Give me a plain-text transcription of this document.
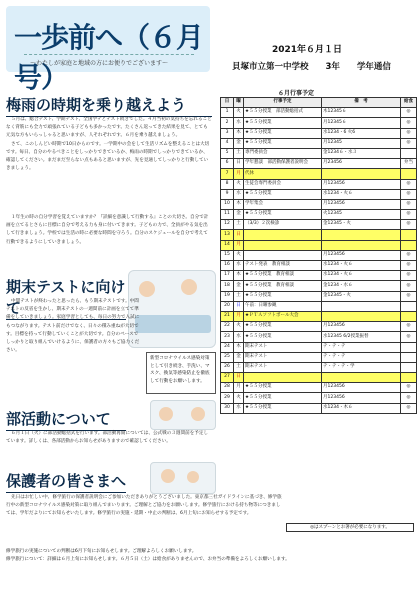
一歩前へ（６月号）
～わたしが家庭と地域の方にお便りでございます～
2021年６月１日
貝塚市立第一中学校 3年 学年通信
梅雨の時期を乗り越えよう

５月は、総合テスト、学期テスト、全国学テとテスト続きでした。４月当初の気持ちを忘れることなく背筋にも全力で頑張れている子どもも多かったです。たくさん返ってきた結果を見て、とても元気な方もいらっしゃると思いますが、人それぞれです。６月を乗り越えましょう。

さて、このしんどい時期で10日からのです。一学期中の会をして生活リズムを整えることは大切です。毎日、自分のやるべきことをしっかりできているか、梅雨の時期でしっかりできているか、確認してください。まだまだ至らない点もあると思いますが、先を見通してしっかりと行動していきましょう。

１年生の時の自分学習を覚えていますか？『詳細を意識して行動する』ことの大切さ。自分で計画を立てるとさらに目標に自分で考える力も身に付いてきます。子どもの力で、全員がやる気を出して行きましょう。学校では生活の時に必要な時間を守ろう。自分のスケジュールを自分で考えて行動できるようにしていきましょう。

期末テストに向けて

中間テストが終わったと思ったら、もう期末テストです。中間テストの反省を生かし、期末テストの一週間前に計画を立てて準備をしていきましょう。家庭学習としても、毎日の努力で入試にもつながります。テスト前だけでなく、日々の積み重ねが大切です。目標を持って行動していくことが大切です。自分のペースでしっかりと取り組んでいけるように、保護者の方々もご協力ください。

新型コロナウイルス感染対策として引き続き、手洗い、マスク、換気等感染防止を徹底して行動をお願いします。
部活動について

６月１日（火）に部活動総括式を行います。部活動再開については、公式戦の３週間前を予定しています。詳しくは、各部活動からお知らせがありますので確認してください。

保護者の皆さまへ

先日はお忙しい中、修学旅行の保護者説明会にご参加いただきありがとうございました。東京都三社ガイドラインに基づき、修学旅行中の新型コロナウイルス感染対策に取り組んでまいります。ご理解とご協力をお願いします。修学旅行における持ち物等につきましては、学年だよりにてお知らせいたします。修学旅行の実施・延期・中止の判断は、6月上旬にお知らせする予定です。

修学旅行の実施についての判断は6月下旬にお知らせします。ご理解よろしくお願いします。

修学旅行について：詳細は６月上旬にお知らせします。６月５日（土）は給食がありませんので、お弁当の準備をよろしくお願いします。

６月行事予定
日	曜	行事予定	備　考	給食
1	火	★５５分授業　部活動総括式	木12345６	◎
2	水	★５５分授業	月12345６	◎
3	木	★５５分授業	水1234・6 火6	◎
4	金	★５５分授業	月12345	◎
5	土	専門委員会	金1234６・水３	
6	日	学年懇談　部活動保護者説明会	月23456	弁当
7	月	代休		
8	火	生徒会専門委員会	月123456	◎
9	水	★５５分授業	水1234・火６	◎
10	木	学年集会	月123456	◎
11	金	★５５分授業	火12345	◎
12	土	（3/3）２次検診	金12345・火	◎
13	日			
14	月			
15	火		月123456	◎
16	水	テスト発表　教育相談	水1234・火６	◎
17	木	★５５分授業　教育相談	水1234・火６	◎
18	金	★５５分授業　教育相談	金1234・水６	◎
19	土	★５５分授業	金12345・火	◎
20	日	午前：日曜参観		
21	月	★ＰＴＡソフトボール大会		
22	火	★５５分授業	月123456	◎
23	水	★５５分授業	水12345 6/2授業振替	◎
24	木	期末テスト	テ・テ・テ	
25	金	期末テスト	テ・テ・テ	
26	土	期末テスト	テ・テ・テ・学	
27	日			
28	月	★５５分授業	月123456	◎
29	火	★５５分授業	月123456	◎
30	水	★５５分授業	水1234・木６	◎
◎はスプーンとお箸が必要になります。
